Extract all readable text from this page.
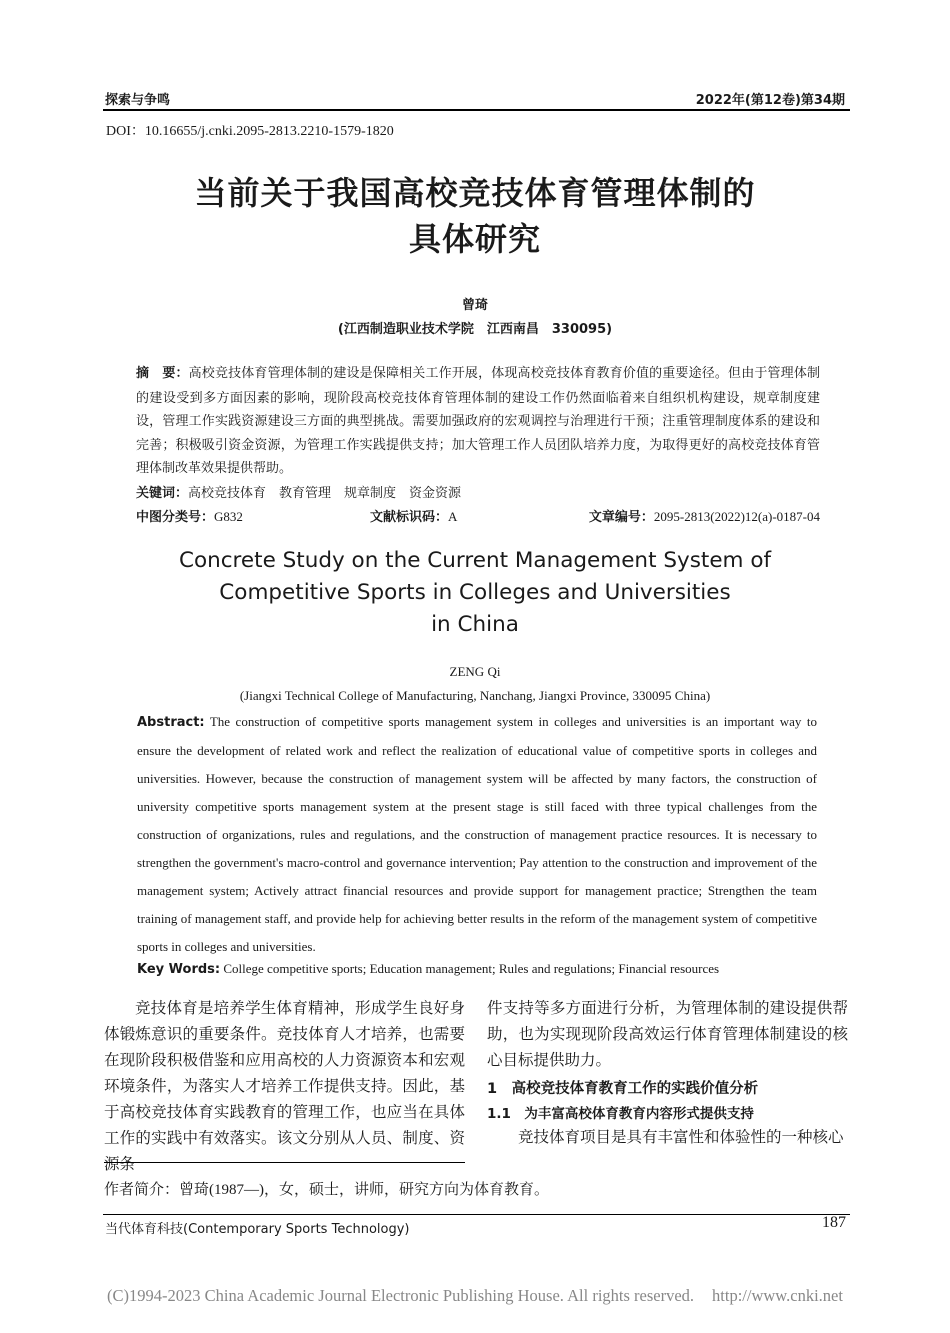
探索与争鸣	2022年(第12卷)第34期
DOI：10.16655/j.cnki.2095-2813.2210-1579-1820
当前关于我国高校竞技体育管理体制的
具体研究
曾琦
(江西制造职业技术学院　江西南昌　330095)
摘　要：高校竞技体育管理体制的建设是保障相关工作开展，体现高校竞技体育教育价值的重要途径。但由于管理体制的建设受到多方面因素的影响，现阶段高校竞技体育管理体制的建设工作仍然面临着来自组织机构建设，规章制度建设，管理工作实践资源建设三方面的典型挑战。需要加强政府的宏观调控与治理进行干预；注重管理制度体系的建设和完善；积极吸引资金资源，为管理工作实践提供支持；加大管理工作人员团队培养力度，为取得更好的高校竞技体育管理体制改革效果提供帮助。
关键词：高校竞技体育　教育管理　规章制度　资金资源
中图分类号：G832	文献标识码：A	文章编号：2095-2813(2022)12(a)-0187-04
Concrete Study on the Current Management System of
Competitive Sports in Colleges and Universities
in China
ZENG Qi
(Jiangxi Technical College of Manufacturing, Nanchang, Jiangxi Province, 330095 China)
Abstract: The construction of competitive sports management system in colleges and universities is an important way to ensure the development of related work and reflect the realization of educational value of competitive sports in colleges and universities. However, because the construction of management system will be affected by many factors, the construction of university competitive sports management system at the present stage is still faced with three typical challenges from the construction of organizations, rules and regulations, and the construction of management practice resources. It is necessary to strengthen the government's macro-control and governance intervention; Pay attention to the construction and improvement of the management system; Actively attract financial resources and provide support for management practice; Strengthen the team training of management staff, and provide help for achieving better results in the reform of the management system of competitive sports in colleges and universities.
Key Words: College competitive sports; Education management; Rules and regulations; Financial resources
竞技体育是培养学生体育精神，形成学生良好身体锻炼意识的重要条件。竞技体育人才培养，也需要在现阶段积极借鉴和应用高校的人力资源资本和宏观环境条件，为落实人才培养工作提供支持。因此，基于高校竞技体育实践教育的管理工作，也应当在具体工作的实践中有效落实。该文分别从人员、制度、资源条
件支持等多方面进行分析，为管理体制的建设提供帮助，也为实现现阶段高效运行体育管理体制建设的核心目标提供助力。
1　高校竞技体育教育工作的实践价值分析
1.1　为丰富高校体育教育内容形式提供支持
竞技体育项目是具有丰富性和体验性的一种核心
作者简介：曾琦(1987—)，女，硕士，讲师，研究方向为体育教育。
当代体育科技(Contemporary Sports Technology)	187
(C)1994-2023 China Academic Journal Electronic Publishing House. All rights reserved. http://www.cnki.net
